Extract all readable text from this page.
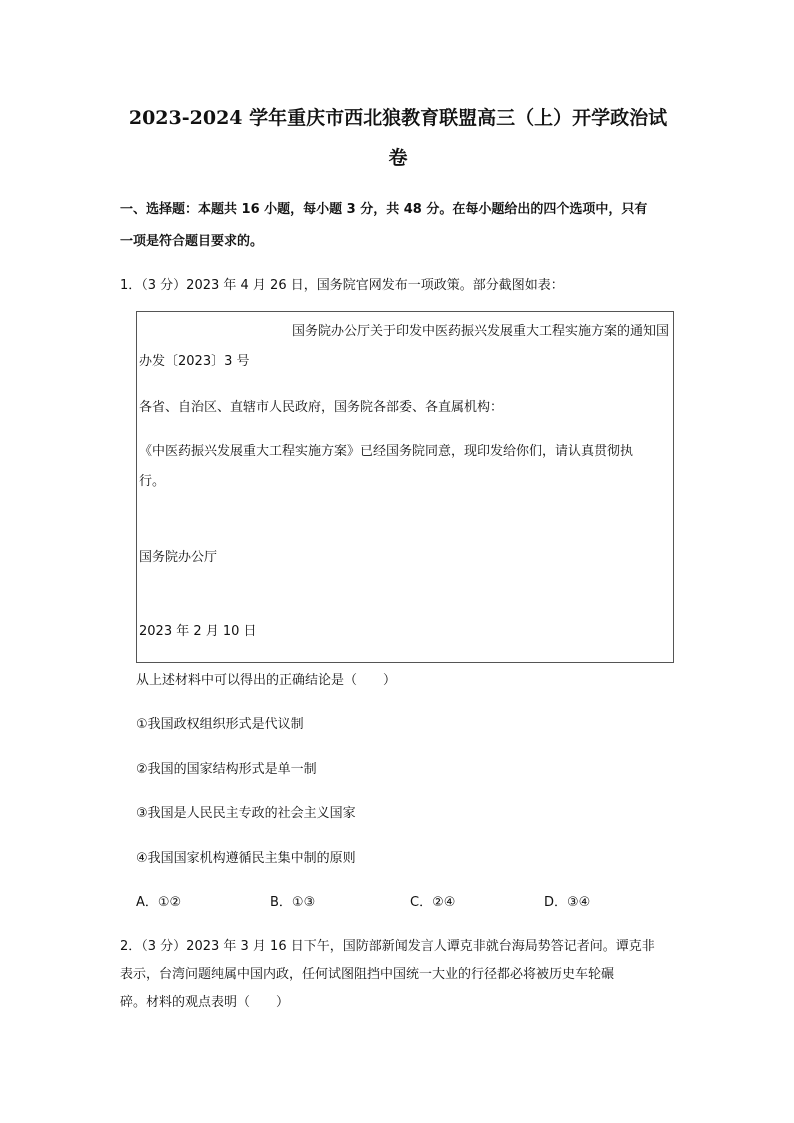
2023-2024 学年重庆市西北狼教育联盟高三（上）开学政治试
卷
一、选择题：本题共 16 小题，每小题 3 分，共 48 分。在每小题给出的四个选项中，只有
一项是符合题目要求的。
1．（3 分）2023 年 4 月 26 日，国务院官网发布一项政策。部分截图如表：
国务院办公厅关于印发中医药振兴发展重大工程实施方案的通知国
办发〔2023〕3 号
各省、自治区、直辖市人民政府，国务院各部委、各直属机构：
《中医药振兴发展重大工程实施方案》已经国务院同意，现印发给你们，请认真贯彻执
行。
国务院办公厅
2023 年 2 月 10 日
从上述材料中可以得出的正确结论是（　　）
①我国政权组织形式是代议制
②我国的国家结构形式是单一制
③我国是人民民主专政的社会主义国家
④我国国家机构遵循民主集中制的原则
A．①②	B．①③	C．②④	D．③④
2．（3 分）2023 年 3 月 16 日下午，国防部新闻发言人谭克非就台海局势答记者问。谭克非
表示，台湾问题纯属中国内政，任何试图阻挡中国统一大业的行径都必将被历史车轮碾
碎。材料的观点表明（　　）
